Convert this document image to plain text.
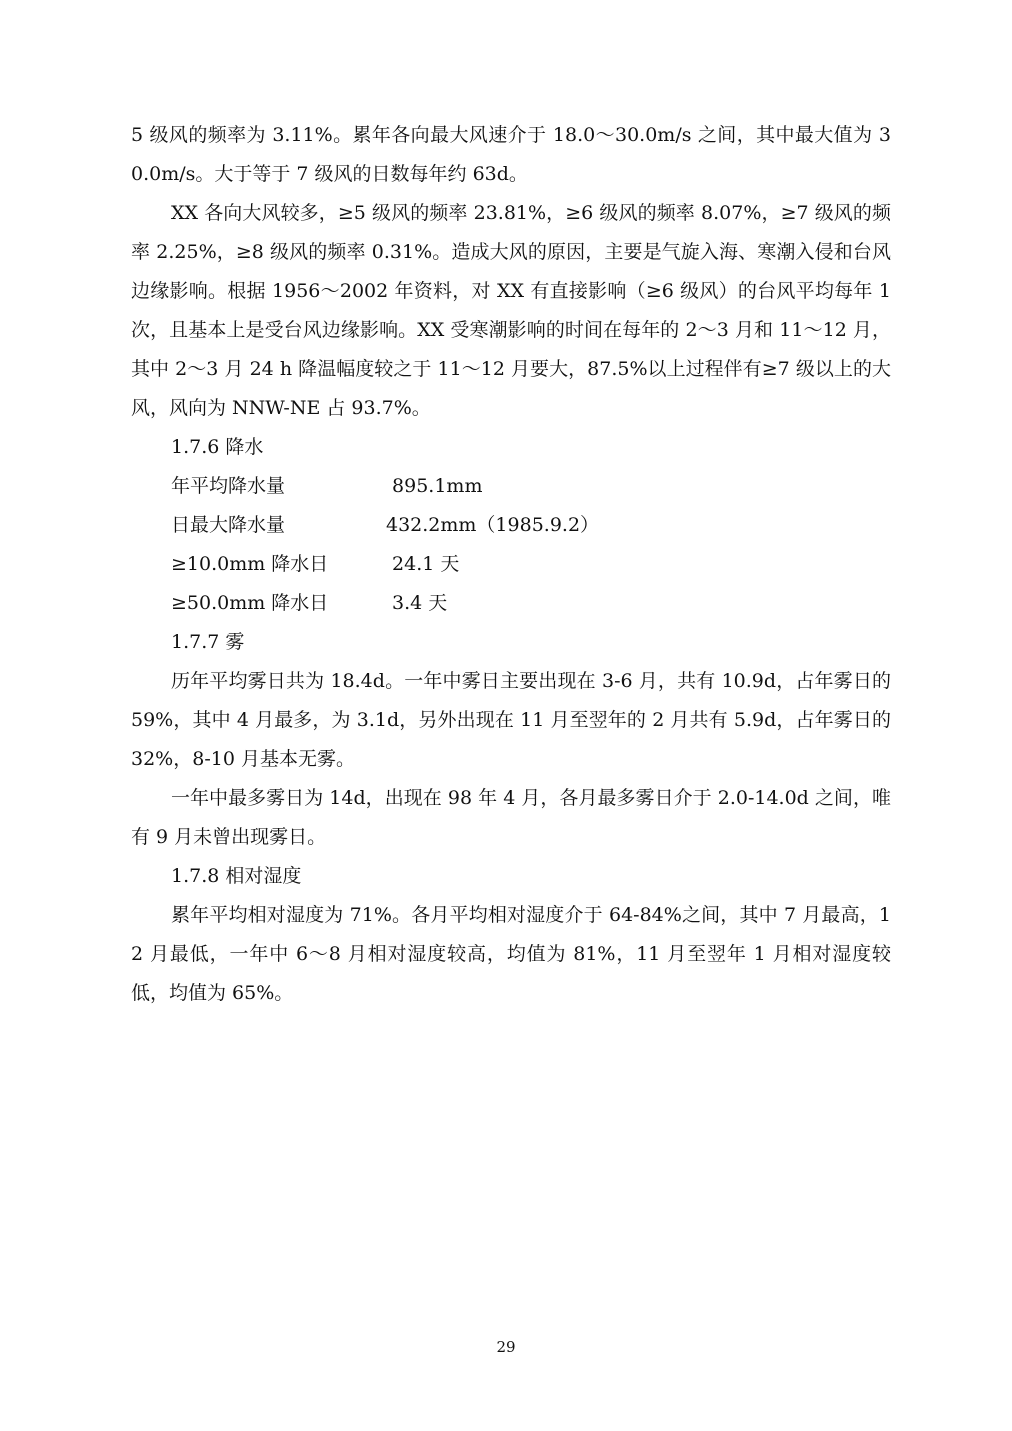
5 级风的频率为 3.11%。累年各向最大风速介于 18.0～30.0m/s 之间，其中最大值为 30.0m/s。大于等于 7 级风的日数每年约 63d。

XX 各向大风较多，≥5 级风的频率 23.81%，≥6 级风的频率 8.07%，≥7 级风的频率 2.25%，≥8 级风的频率 0.31%。造成大风的原因，主要是气旋入海、寒潮入侵和台风边缘影响。根据 1956～2002 年资料，对 XX 有直接影响（≥6 级风）的台风平均每年 1 次，且基本上是受台风边缘影响。XX 受寒潮影响的时间在每年的 2～3 月和 11～12 月，其中 2～3 月 24 h 降温幅度较之于 11～12 月要大，87.5%以上过程伴有≥7 级以上的大风，风向为 NNW-NE 占 93.7%。

1.7.6 降水

年平均降水量	895.1mm
日最大降水量	432.2mm（1985.9.2）
≥10.0mm 降水日	24.1 天
≥50.0mm 降水日	3.4 天

1.7.7 雾

历年平均雾日共为 18.4d。一年中雾日主要出现在 3-6 月，共有 10.9d，占年雾日的 59%，其中 4 月最多，为 3.1d，另外出现在 11 月至翌年的 2 月共有 5.9d，占年雾日的 32%，8-10 月基本无雾。

一年中最多雾日为 14d，出现在 98 年 4 月，各月最多雾日介于 2.0-14.0d 之间，唯有 9 月未曾出现雾日。

1.7.8 相对湿度

累年平均相对湿度为 71%。各月平均相对湿度介于 64-84%之间，其中 7 月最高，12 月最低，一年中 6～8 月相对湿度较高，均值为 81%，11 月至翌年 1 月相对湿度较低，均值为 65%。

29
